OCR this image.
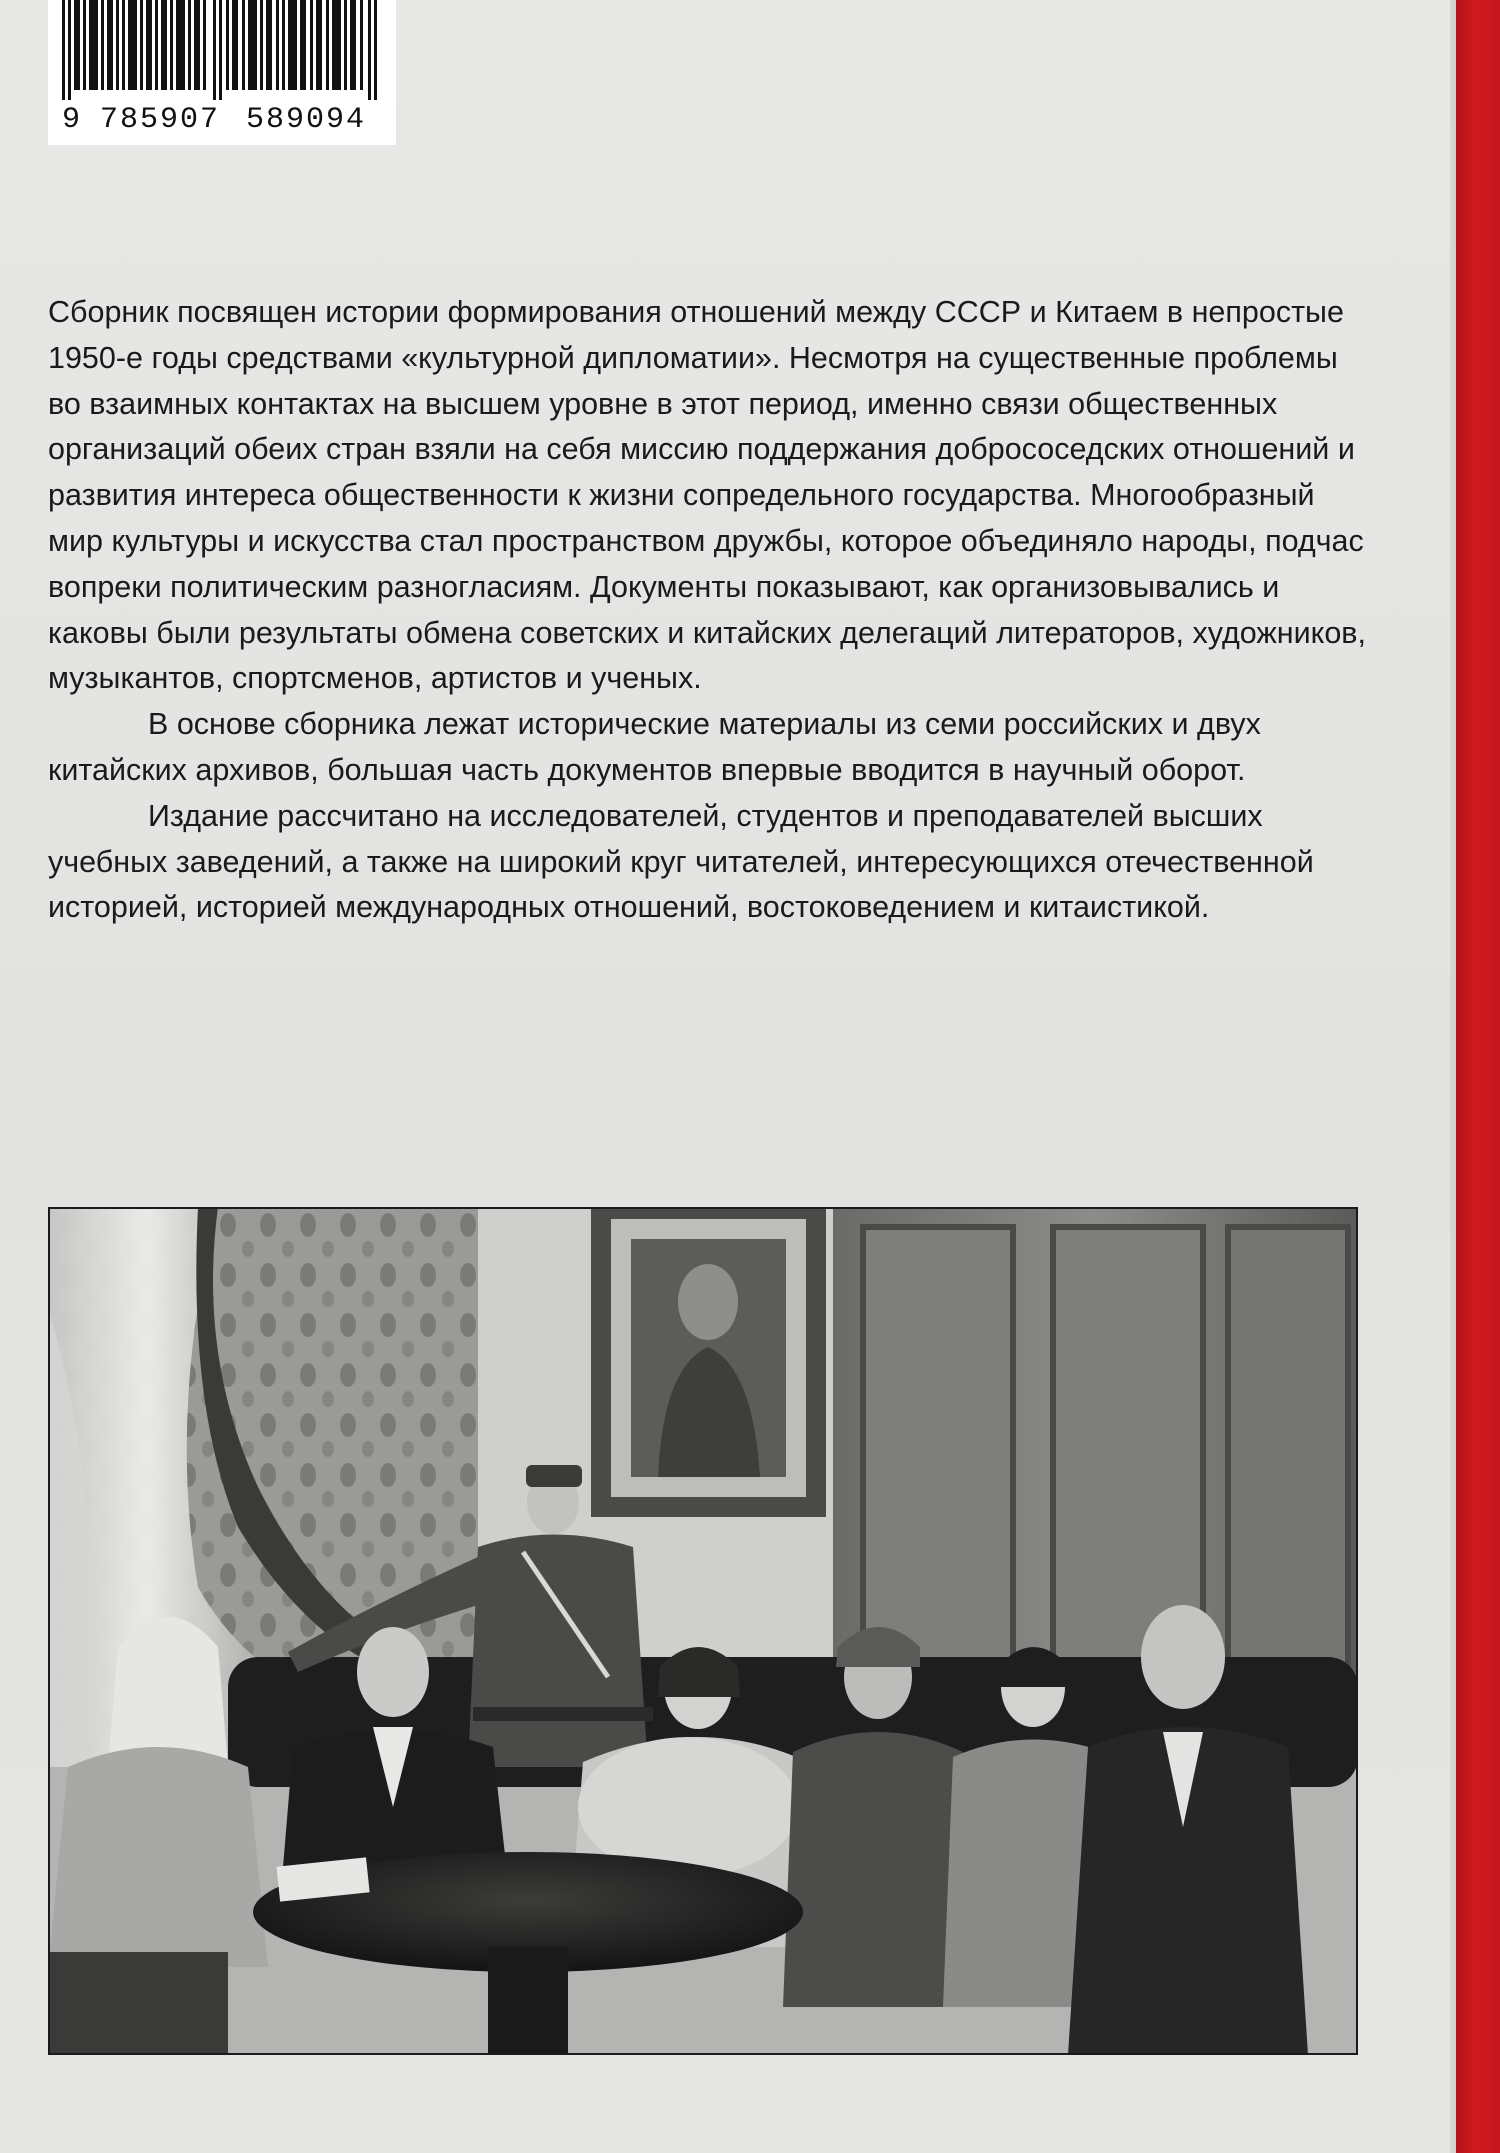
9 785907 589094

Сборник посвящен истории формирования отношений между СССР и Китаем в непростые 1950-е годы средствами «культурной дипломатии». Несмотря на существенные проблемы во взаимных контактах на высшем уровне в этот период, именно связи общественных организаций обеих стран взяли на себя миссию поддержания добрососедских отношений и развития интереса общественности к жизни сопредельного государства. Многообразный мир культуры и искусства стал пространством дружбы, которое объединяло народы, подчас вопреки политическим разногласиям. Документы показывают, как организовывались и каковы были результаты обмена советских и китайских делегаций литераторов, художников, музыкантов, спортсменов, артистов и ученых.

В основе сборника лежат исторические материалы из семи российских и двух китайских архивов, большая часть документов впервые вводится в научный оборот.

Издание рассчитано на исследователей, студентов и преподавателей высших учебных заведений, а также на широкий круг читателей, интересующихся отечественной историей, историей международных отношений, востоковедением и китаистикой.
